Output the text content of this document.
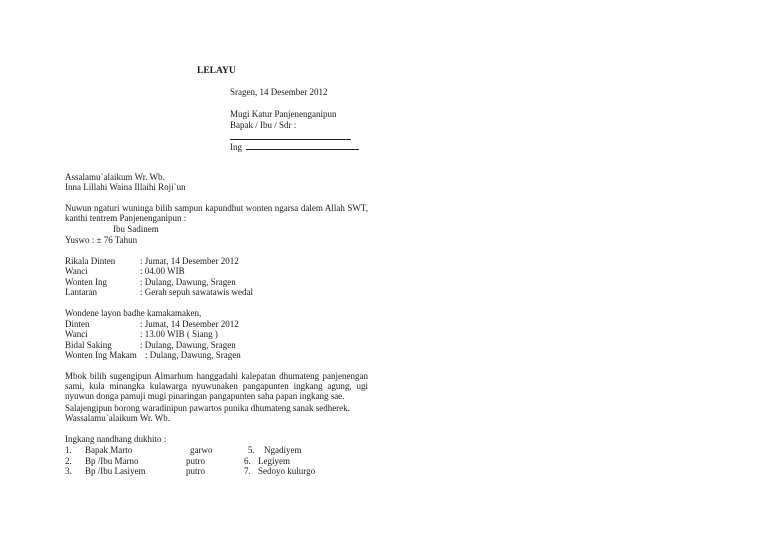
LELAYU
Sragen, 14 Desember 2012
Mugi Katur Panjenenganipun
Bapak / Ibu / Sdr :
Ing
Assalamu`alaikum Wr. Wb.
Inna Lillahi Waina Illaihi Roji`un
Nuwun ngaturi wuninga bilih sampun kapundhut wonten ngarsa dalem Allah SWT, kanthi tentrem Panjenenganipun :
Ibu Sadinem
Yuswo : ± 76 Tahun
Rikala Dinten	: Jumat, 14 Desember 2012
Wanci	: 04.00 WIB
Wonten Ing	: Dulang, Dawung, Sragen
Lantaran	: Gerah sepuh sawatawis wedal
Wondene layon badhe kamakamaken,
Dinten	: Jumat, 14 Desember 2012
Wanci	: 13.00 WIB ( Siang )
Bidal Saking	: Dulang, Dawung, Sragen
Wonten Ing Makam : Dulang, Dawung, Sragen
Mbok bilih sugengipun Almarhum hanggadahi kalepatan dhumateng panjenengan sami, kula minangka kulawarga nyuwunaken pangapunten ingkang agung, ugi nyuwun donga pamuji mugi pinaringan pangapunten saha papan ingkang sae.
Salajengipun borong waradinipun pawartos punika dhumateng sanak sedherek.
Wassalamu`alaikum Wr. Wb.
Ingkang nandhang dukhito :
1. Bapak Marto	garwo	5. Ngadiyem
2. Bp /Ibu Marno	putro	6. Legiyem
3. Bp /Ibu Lasiyem	putro	7. Sedoyo kulurgo
